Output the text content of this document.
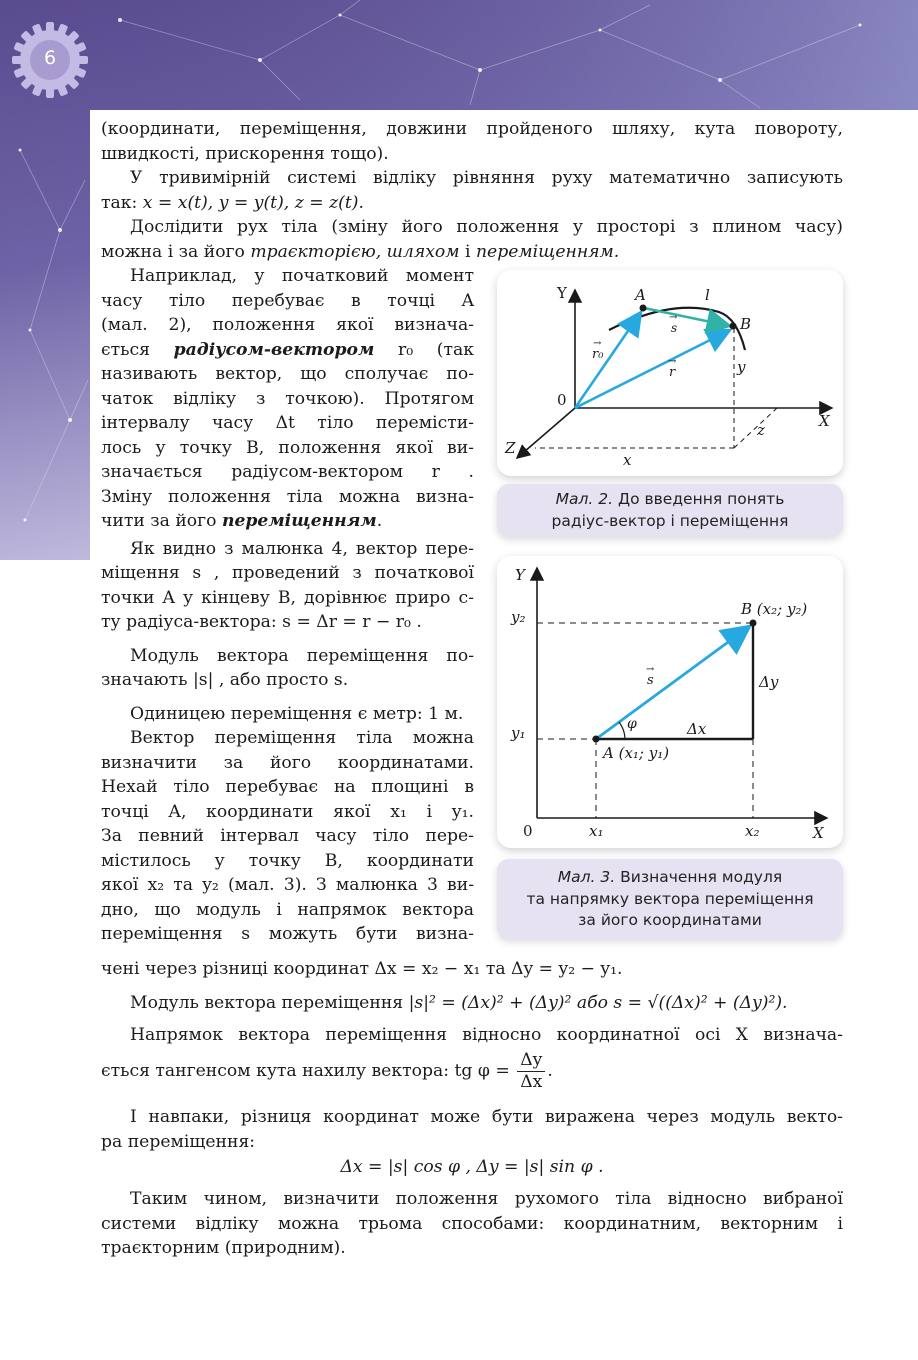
6
(координати, переміщення, довжини пройденого шляху, кута повороту,
швидкості, прискорення тощо).
У тривимірній системі відліку рівняння руху математично записують
так: x = x(t), y = y(t), z = z(t).
Дослідити рух тіла (зміну його положення у просторі з плином часу)
можна і за його траєкторією, шляхом і переміщенням.
Наприклад, у початковий момент
часу тіло перебуває в точці A
(мал. 2), положення якої визнача-
ється радіусом-вектором r₀ (так
називають вектор, що сполучає по-
чаток відліку з точкою). Протягом
інтервалу часу Δt тіло перемісти-
лось у точку B, положення якої ви-
значається радіусом-вектором r .
Зміну положення тіла можна визна-
чити за його переміщенням.
Як видно з малюнка 4, вектор пере-
міщення s , проведений з початкової
точки A у кінцеву B, дорівнює приро с-
ту радіуса-вектора: s = Δr = r − r₀ .
Модуль вектора переміщення по-
значають |s| , або просто s.
Одиницею переміщення є метр: 1 м.
Вектор переміщення тіла можна
визначити за його координатами.
Нехай тіло перебуває на площині в
точці A, координати якої x₁ і y₁.
За певний інтервал часу тіло пере-
містилось у точку B, координати
якої x₂ та y₂ (мал. 3). З малюнка 3 ви-
дно, що модуль і напрямок вектора
переміщення s можуть бути визна-
Y
X
Z
0
A
B
l
s
→
r₀
→
r
→	y
x
z
Мал. 2. До введення понять
радіус-вектор і переміщення
Y
X
0
y₂
y₁
x₁	x₂
B (x₂; y₂)
A (x₁; y₁)
s
→
φ	Δx
Δy
Мал. 3. Визначення модуля
та напрямку вектора переміщення
за його координатами
чені через різниці координат Δx = x₂ − x₁ та Δy = y₂ − y₁.
Модуль вектора переміщення |s|² = (Δx)² + (Δy)² або s = √((Δx)² + (Δy)²).
Напрямок вектора переміщення відносно координатної осі X визнача-
ється тангенсом кута нахилу вектора: tg $\varphi = \frac{\Delta y}{\Delta x}$ .
І навпаки, різниця координат може бути виражена через модуль векто-
ра переміщення:
Δx = |s| cos φ , Δy = |s| sin φ .
Таким чином, визначити положення рухомого тіла відносно вибраної
системи відліку можна трьома способами: координатним, векторним і
траєкторним (природним).
